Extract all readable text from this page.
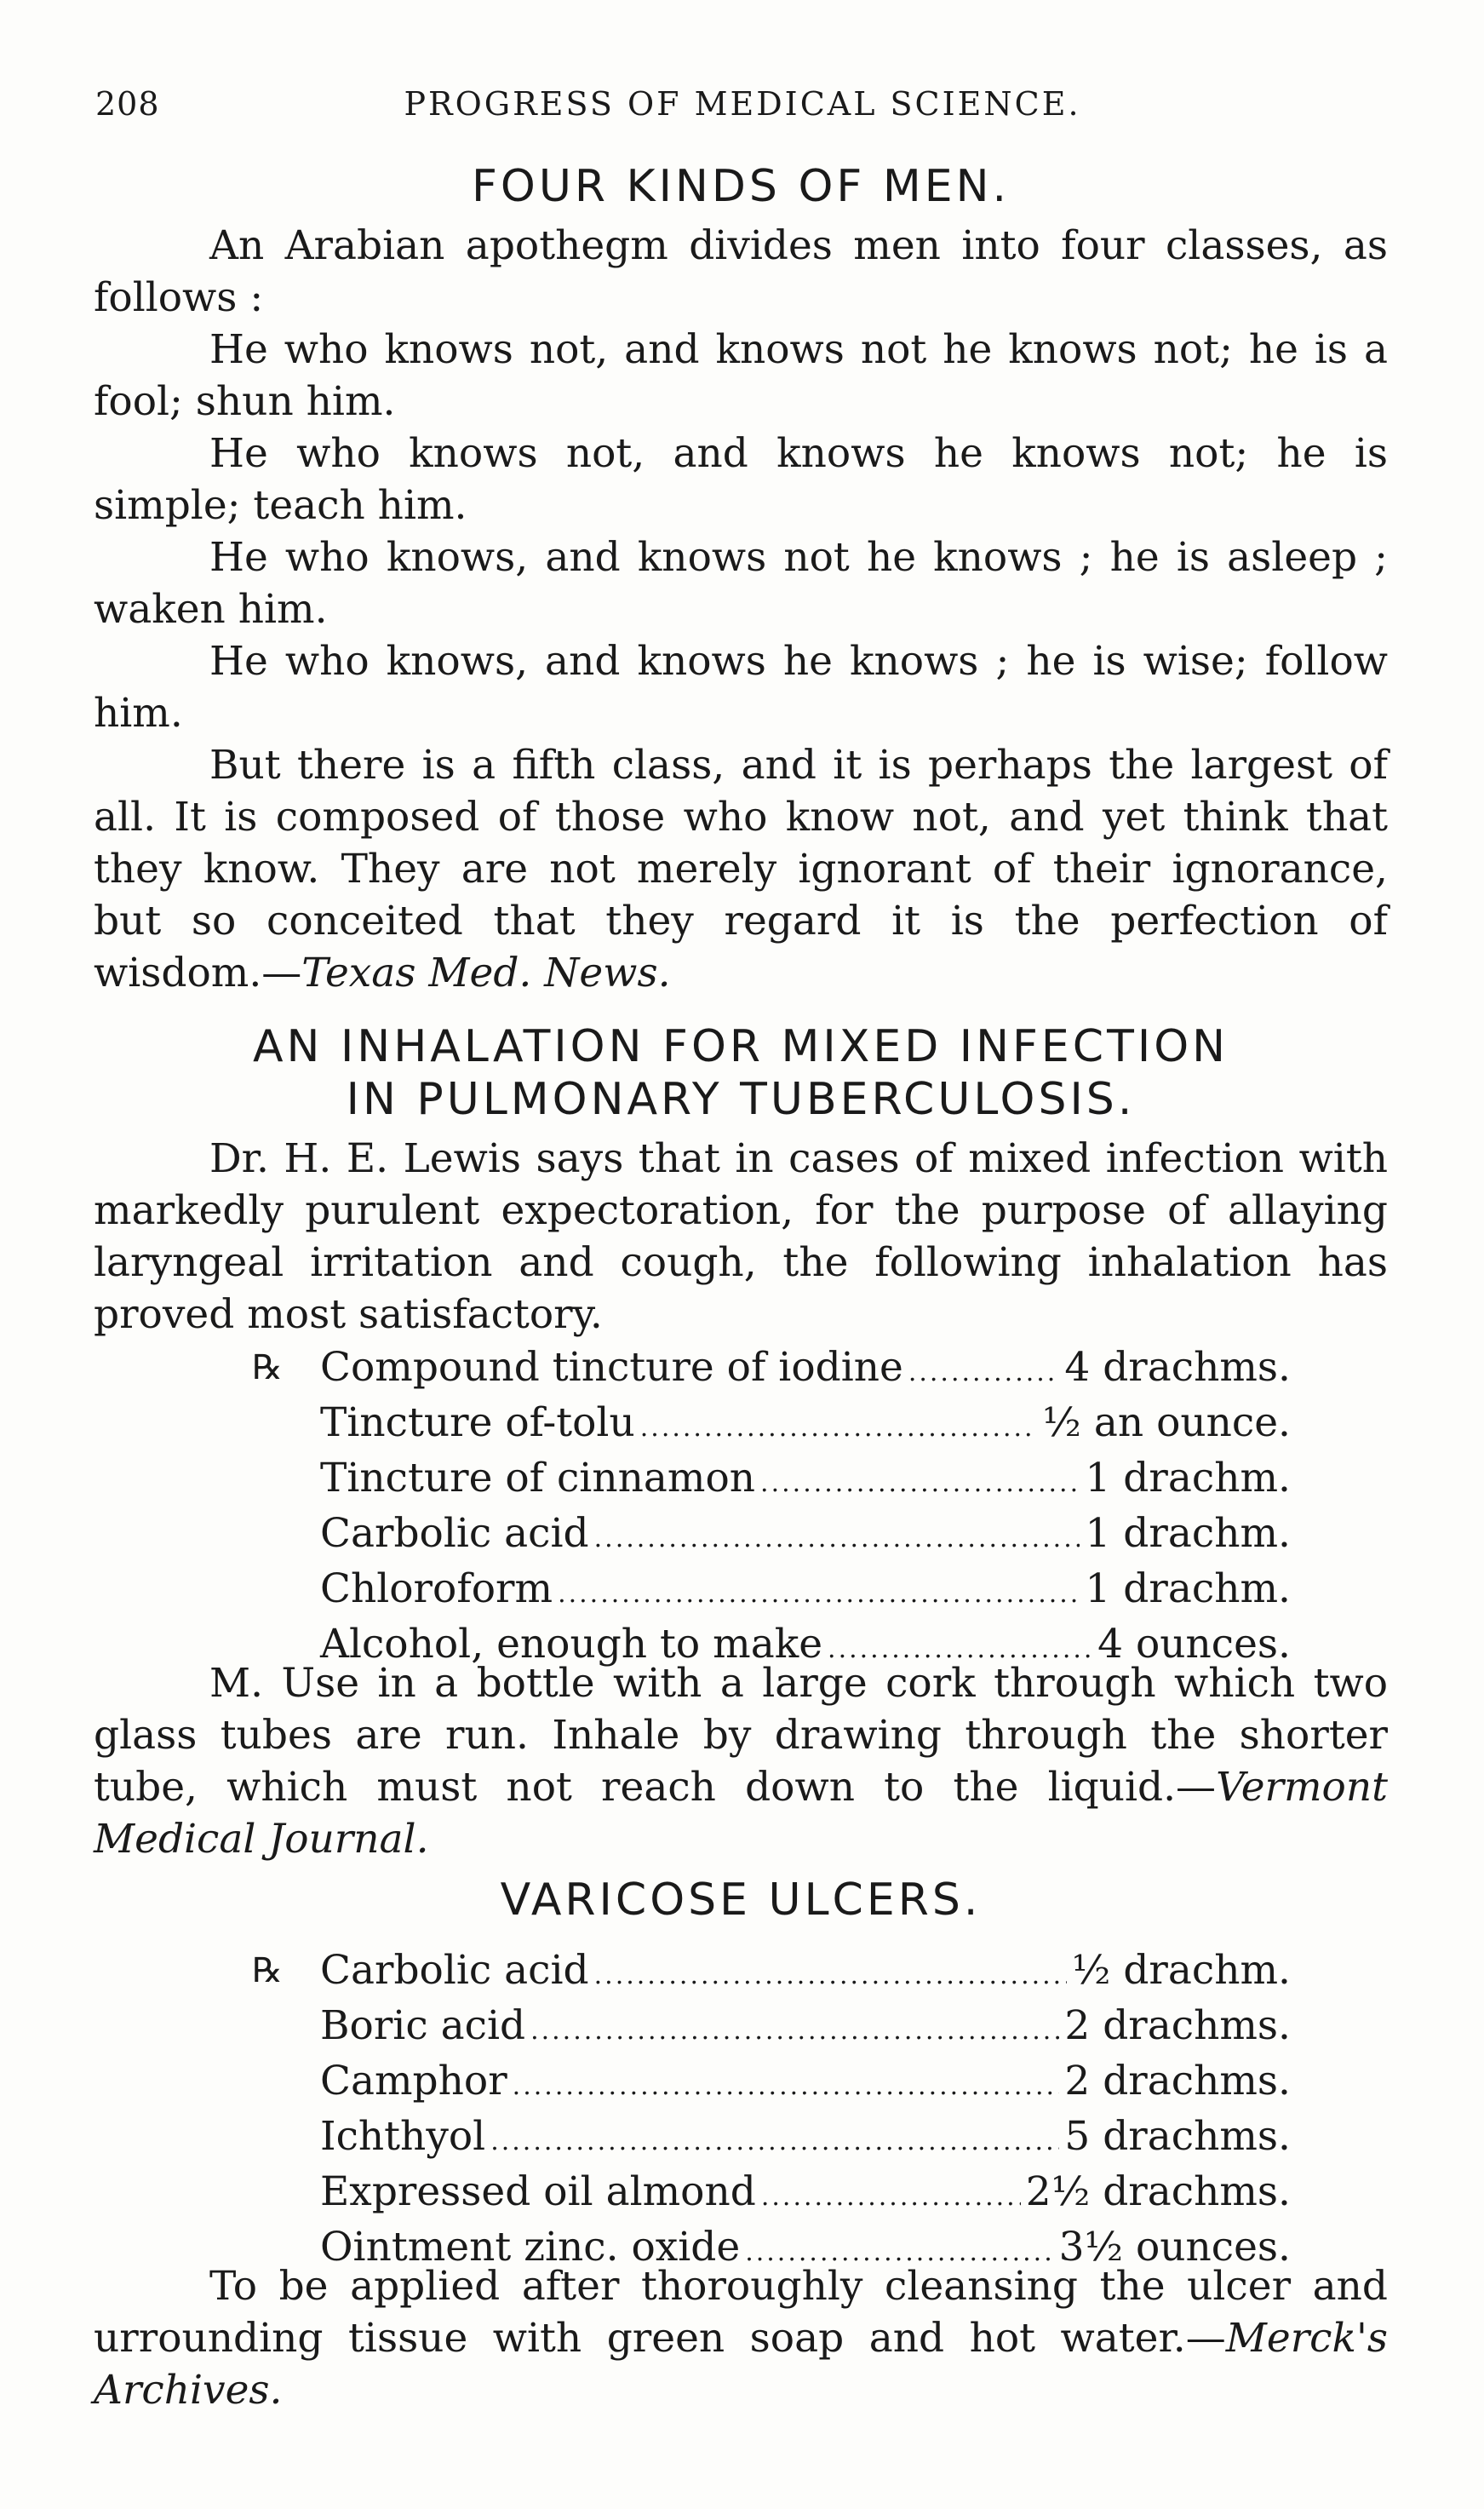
208	PROGRESS OF MEDICAL SCIENCE.
FOUR KINDS OF MEN.

An Arabian apothegm divides men into four classes, as follows :

He who knows not, and knows not he knows not; he is a fool; shun him.

He who knows not, and knows he knows not; he is simple; teach him.

He who knows, and knows not he knows ; he is asleep ; waken him.

He who knows, and knows he knows ; he is wise; follow him.

But there is a fifth class, and it is perhaps the largest of all. It is composed of those who know not, and yet think that they know. They are not merely ignorant of their ignorance, but so conceited that they regard it is the perfection of wisdom.—Texas Med. News.

AN INHALATION FOR MIXED INFECTION
IN PULMONARY TUBERCULOSIS.

Dr. H. E. Lewis says that in cases of mixed infection with markedly purulent expectoration, for the purpose of allaying laryngeal irritation and cough, the following inhalation has proved most satisfactory.

℞ Compound tincture of iodine .....	4 drachms.
Tincture of-tolu .....	½ an ounce.
Tincture of cinnamon .....	1 drachm.
Carbolic acid .....	1 drachm.
Chloroform .....	1 drachm.
Alcohol, enough to make .....	4 ounces.

M. Use in a bottle with a large cork through which two glass tubes are run. Inhale by drawing through the shorter tube, which must not reach down to the liquid.—Vermont Medical Journal.

VARICOSE ULCERS.
℞ Carbolic acid .....	½ drachm.
Boric acid .....	2 drachms.
Camphor .....	2 drachms.
Ichthyol .....	5 drachms.
Expressed oil almond .....	2½ drachms.
Ointment zinc. oxide .....	3½ ounces.

To be applied after thoroughly cleansing the ulcer and urrounding tissue with green soap and hot water.—Merck's Archives.
